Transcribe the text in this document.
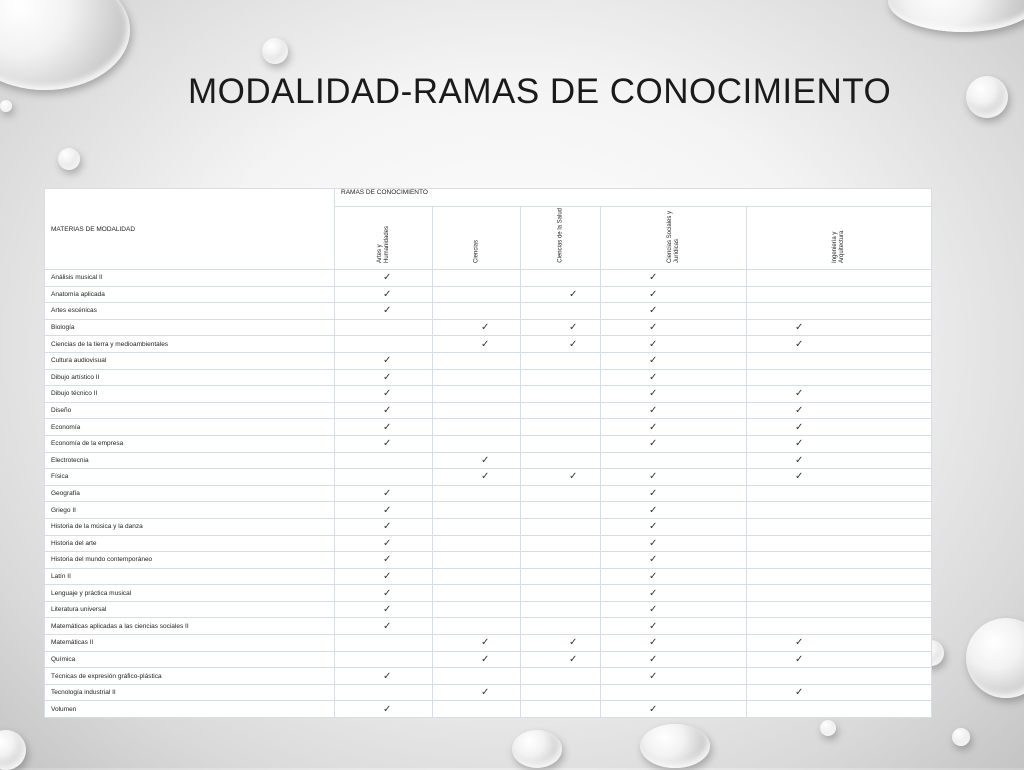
MODALIDAD-RAMAS DE CONOCIMIENTO
MATERIAS DE MODALIDAD	RAMAS DE CONOCIMIENTO				

	Artes y Humanidades	Ciencias	Ciencias de la Salud	Ciencias Sociales y Jurídicas	Ingeniería y Arquitectura

Análisis musical II	✓			✓	
Anatomía aplicada	✓		✓	✓	
Artes escénicas	✓			✓	
Biología		✓	✓	✓	✓
Ciencias de la tierra y medioambientales		✓	✓	✓	✓
Cultura audiovisual	✓			✓	
Dibujo artístico II	✓			✓	
Dibujo técnico II	✓			✓	✓
Diseño	✓			✓	✓
Economía	✓			✓	✓
Economía de la empresa	✓			✓	✓
Electrotecnia		✓			✓
Física		✓	✓	✓	✓
Geografía	✓			✓	
Griego II	✓			✓	
Historia de la música y la danza	✓			✓	
Historia del arte	✓			✓	
Historia del mundo contemporáneo	✓			✓	
Latín II	✓			✓	
Lenguaje y práctica musical	✓			✓	
Literatura universal	✓			✓	
Matemáticas aplicadas a las ciencias sociales II	✓			✓	
Matemáticas II		✓	✓	✓	✓
Química		✓	✓	✓	✓
Técnicas de expresión gráfico-plástica	✓			✓	
Tecnología industrial II		✓			✓
Volumen	✓			✓	
